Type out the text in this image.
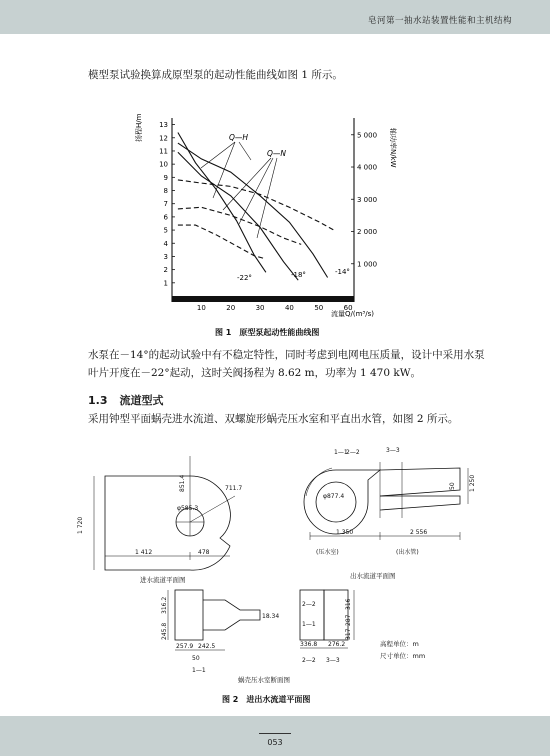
皂河第一抽水站装置性能和主机结构
模型泵试验换算成原型泵的起动性能曲线如图 1 所示。
10	20	30	40	50	60
1
2
3
4
5
6
7
8
9
10
11
12
13
1 000
2 000
3 000
4 000
5 000
扬程H/m
轴功率N/kW
流量Q/(m³/s)
Q—H
Q—N
-22°	-18°	-14°
图 1　原型泵起动性能曲线图
水泵在－14°的起动试验中有不稳定特性，同时考虑到电网电压质量，设计中采用水泵
叶片开度在－22°起动，这时关阀扬程为 8.62 m，功率为 1 470 kW。
1.3 流道型式
采用钟型平面蜗壳进水流道、双螺旋形蜗壳压水室和平直出水管，如图 2 所示。
1 720
1 412	478
851.4
φ585.3
711.7
进水流道平面图
1—1
2—2	3—3
φ877.4
50 1 250
1 350	2 556
(压水室)	(出水管)
出水流道平面图
316.2
245.8
18.34
257.9 242.5
50
1—1
2—2
1—1
336.8 276.2
316
287
317
2—2 3—3
蜗壳压水室断面图
高程单位：m
尺寸单位：mm
图 2　进出水流道平面图
053
